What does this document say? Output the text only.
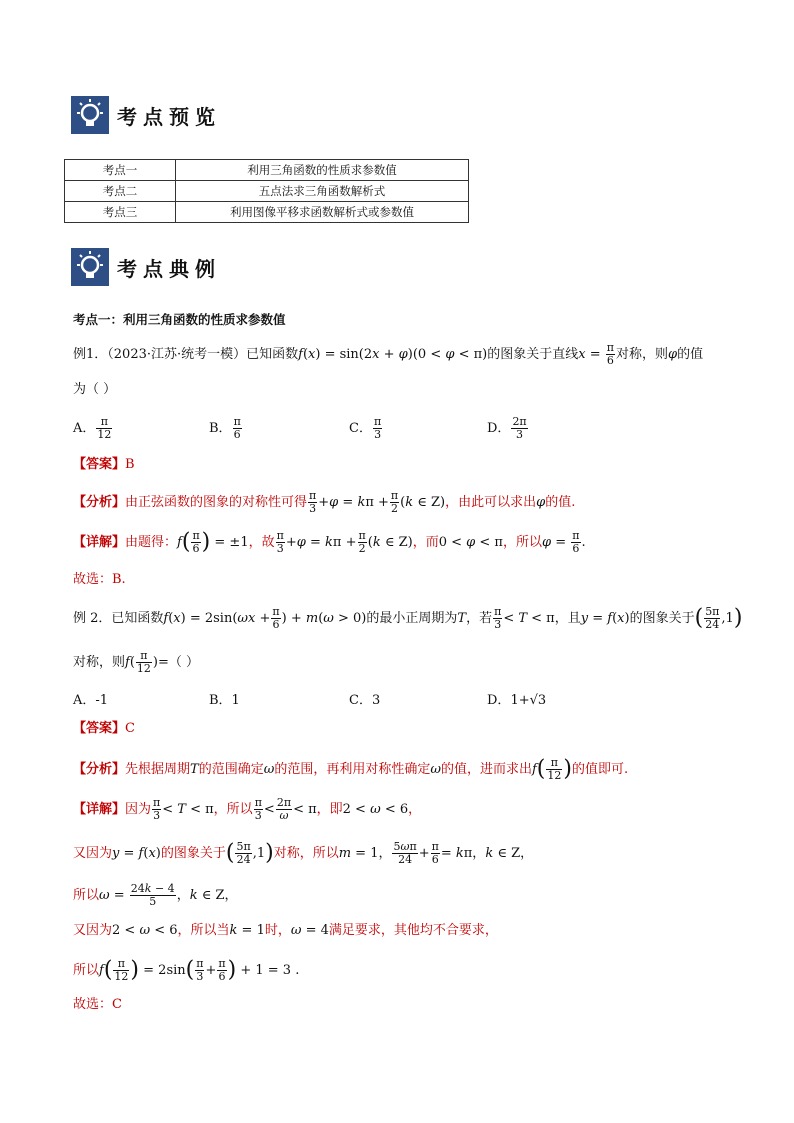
考点预览
考点一	利用三角函数的性质求参数值
考点二	五点法求三角函数解析式
考点三	利用图像平移求函数解析式或参数值
考点典例
考点一：利用三角函数的性质求参数值
例1．（2023·江苏·统考一模）已知函数f(x) = sin(2x + φ)(0 < φ < π)的图象关于直线$x = \frac{\pi}{6}$ 对称，则φ的值
为（ ）
A． $\frac{\pi}{12}$	B． $\frac{\pi}{6}$	C． $\frac{\pi}{3}$	D． $\frac{2\pi}{3}$
【答案】B
【分析】由正弦函数的图象的对称性可得 $\frac{\pi}{3} +\varphi = k\pi + \frac{\pi}{2} (k$ ∈ Z)，由此可以求出φ的值.
【详解】由题得：$f( \frac{\pi}{6}$ ) = ±1，故 $\frac{\pi}{3} +\varphi = k\pi + \frac{\pi}{2} (k$ ∈ Z)，而0 < φ < π，所以$\varphi = \frac{\pi}{6}$ .
故选：B.
例 2．已知函数$f(x) = 2\sin(\omega x + \frac{\pi}{6}$ ) + m(ω > 0)的最小正周期为T，若 $\frac{\pi}{3} < T < \pi$，且y = f(x)的图象关于( $\frac{5\pi}{24} ,1$)
对称，则$f( \frac{\pi}{12}$ )=（ ）
A．-1	B．1	C．3	D．1+√3
【答案】C
【分析】先根据周期T的范围确定ω的范围，再利用对称性确定ω的值，进而求出$f( \frac{\pi}{12}$ )的值即可.
【详解】因为 $\frac{\pi}{3} < T < \pi$，所以 $\frac{\pi}{3} < \frac{2\pi}{\omega} < \pi$，即2 < ω < 6，
又因为y = f(x)的图象关于( $\frac{5\pi}{24} ,1$)对称，所以m = 1， $\frac{5\omega\pi}{24} + \frac{\pi}{6} = k\pi$，k ∈ Z，
所以$\omega = \frac{24k - 4}{5}$ ，k ∈ Z，
又因为2 < ω < 6，所以当k = 1时，ω = 4满足要求，其他均不合要求，
所以$f( \frac{\pi}{12}$ ) = $2\sin( \frac{\pi}{3} + \frac{\pi}{6}$ ) + 1 = 3 .
故选：C
